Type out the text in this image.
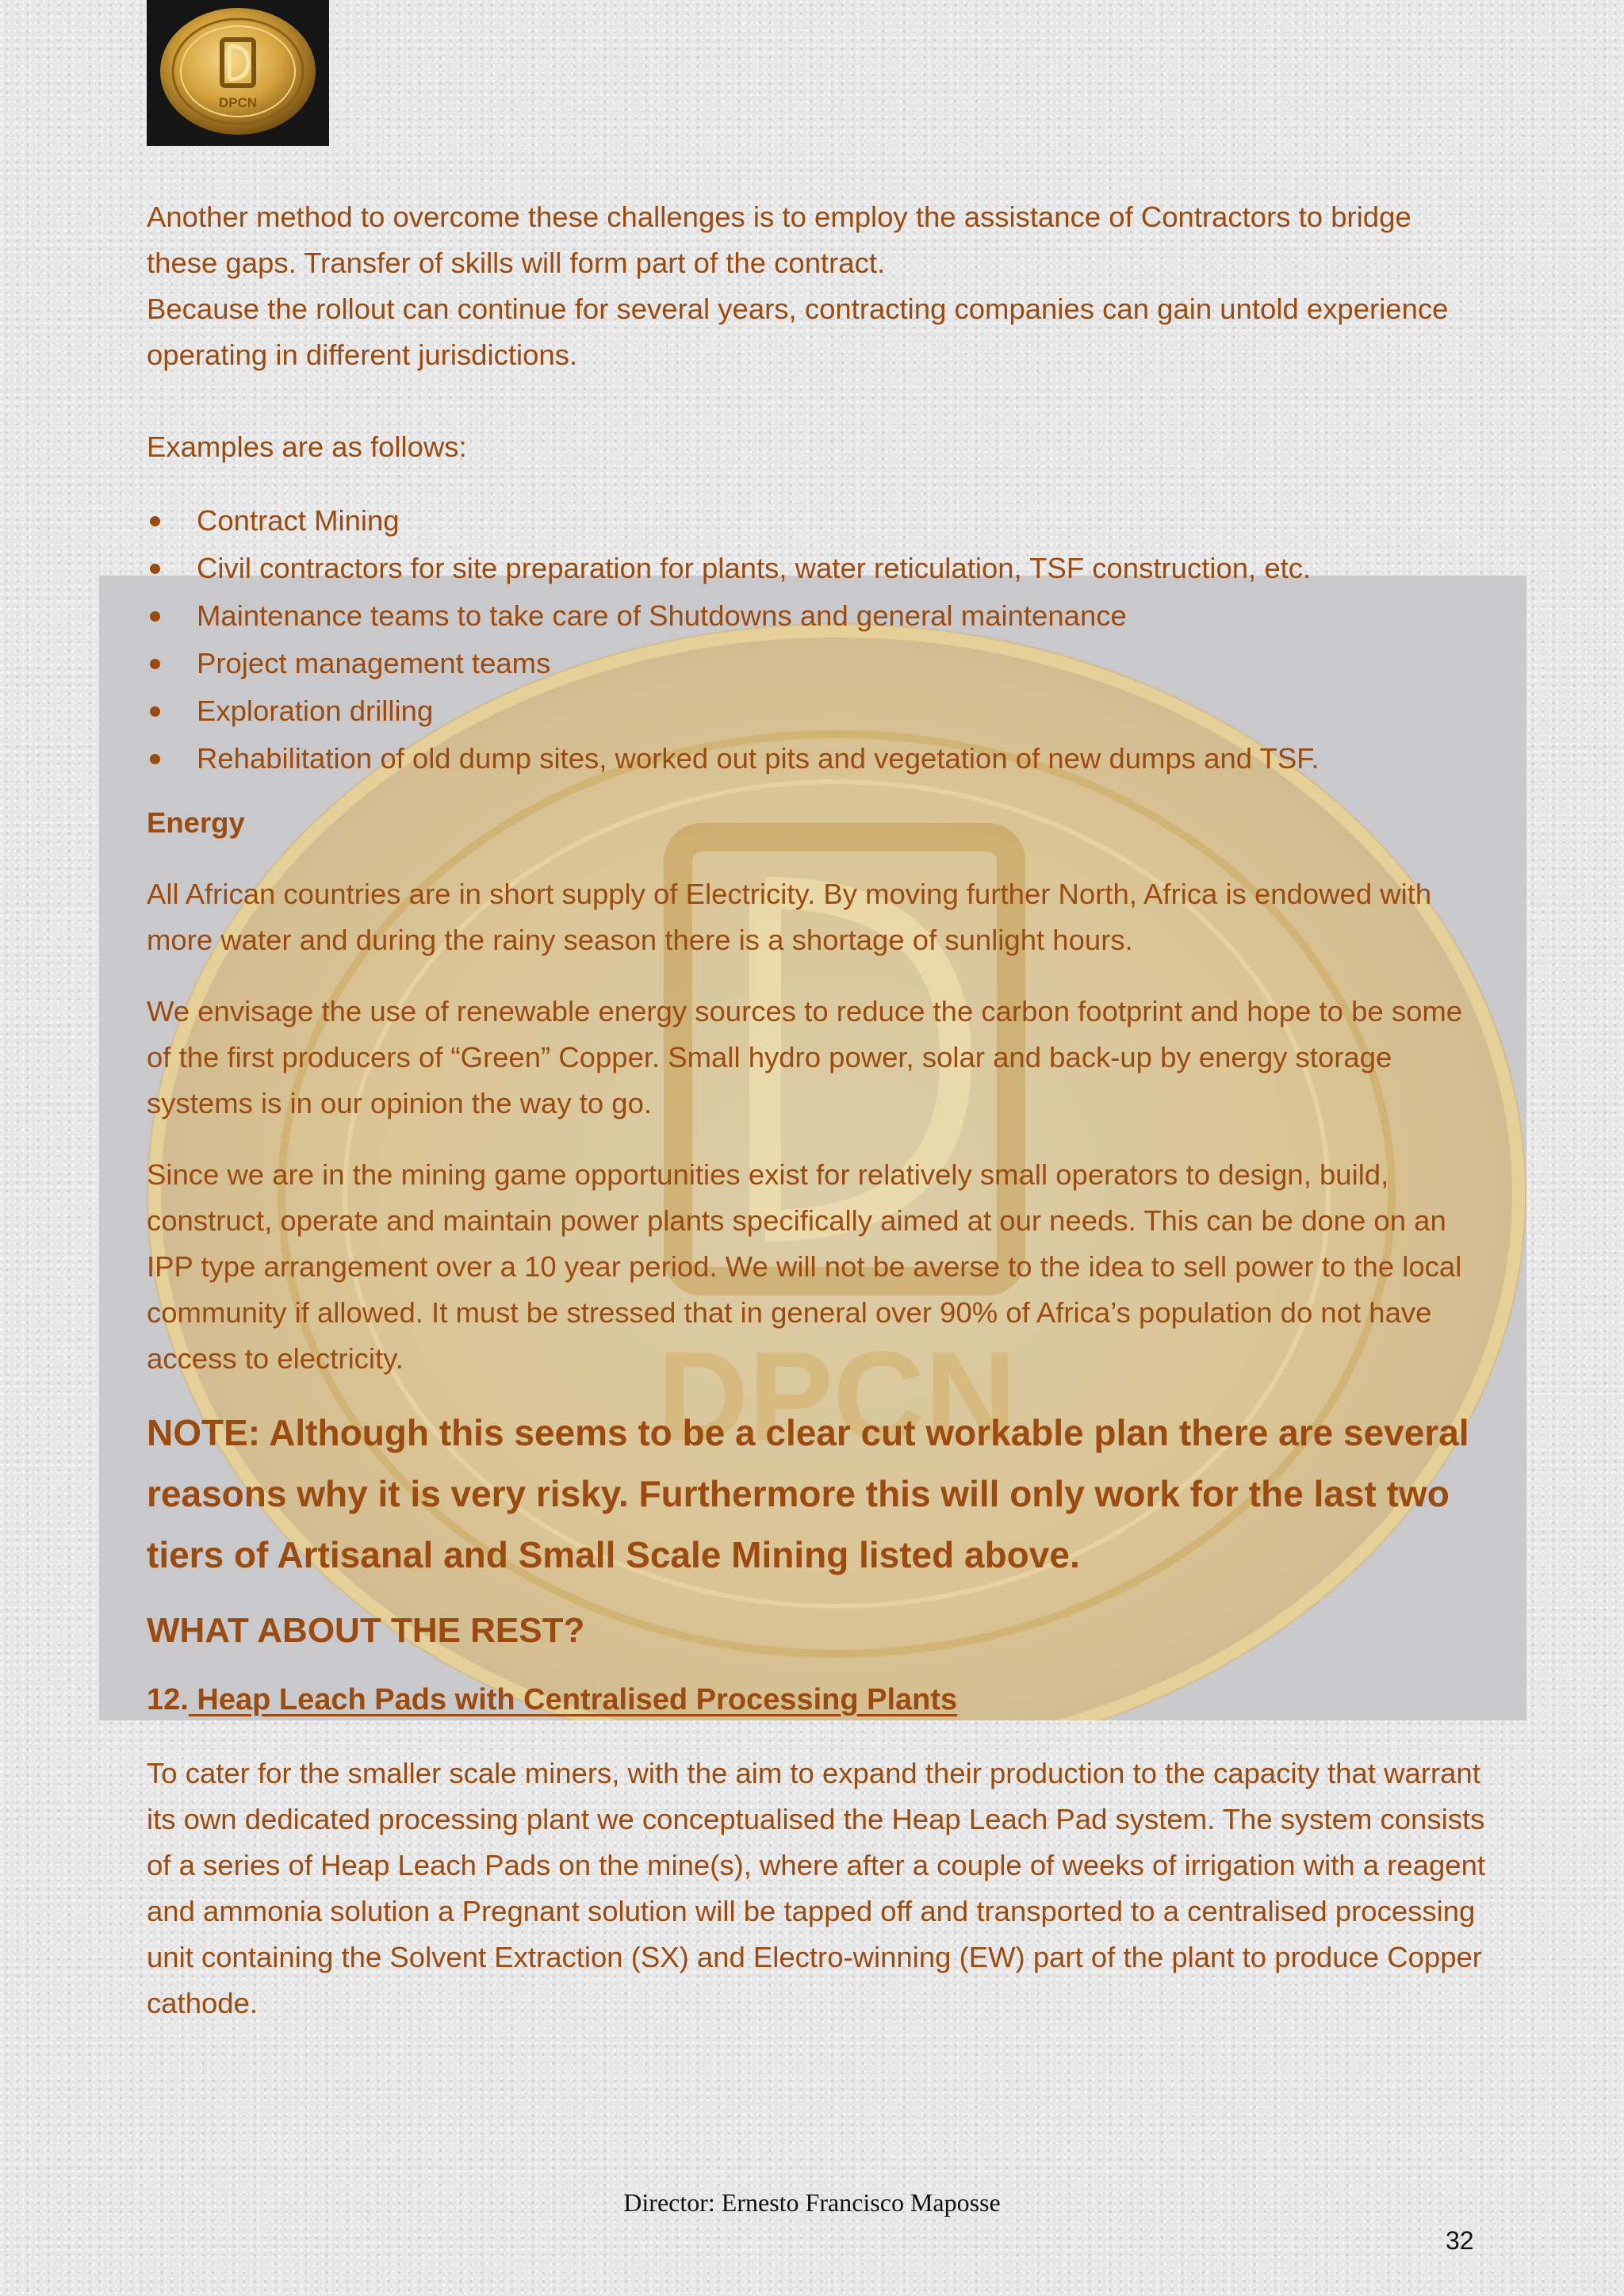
DPCN
DPCN

Another method to overcome these challenges is to employ the assistance of Contractors to bridge these gaps. Transfer of skills will form part of the contract.

Because the rollout can continue for several years, contracting companies can gain untold experience operating in different jurisdictions.

Examples are as follows:

Contract Mining
Civil contractors for site preparation for plants, water reticulation, TSF construction, etc.
Maintenance teams to take care of Shutdowns and general maintenance
Project management teams
Exploration drilling
Rehabilitation of old dump sites, worked out pits and vegetation of new dumps and TSF.

Energy

All African countries are in short supply of Electricity. By moving further North, Africa is endowed with more water and during the rainy season there is a shortage of sunlight hours.

We envisage the use of renewable energy sources to reduce the carbon footprint and hope to be some of the first producers of “Green” Copper. Small hydro power, solar and back-up by energy storage systems is in our opinion the way to go.

Since we are in the mining game opportunities exist for relatively small operators to design, build, construct, operate and maintain power plants specifically aimed at our needs. This can be done on an IPP type arrangement over a 10 year period. We will not be averse to the idea to sell power to the local community if allowed. It must be stressed that in general over 90% of Africa’s population do not have access to electricity.

NOTE: Although this seems to be a clear cut workable plan there are several reasons why it is very risky. Furthermore this will only work for the last two tiers of Artisanal and Small Scale Mining listed above.

WHAT ABOUT THE REST?

12. Heap Leach Pads with Centralised Processing Plants

To cater for the smaller scale miners, with the aim to expand their production to the capacity that warrant its own dedicated processing plant we conceptualised the Heap Leach Pad system. The system consists of a series of Heap Leach Pads on the mine(s), where after a couple of weeks of irrigation with a reagent and ammonia solution a Pregnant solution will be tapped off and transported to a centralised processing unit containing the Solvent Extraction (SX) and Electro-winning (EW) part of the plant to produce Copper cathode.

Director: Ernesto Francisco Maposse
32
